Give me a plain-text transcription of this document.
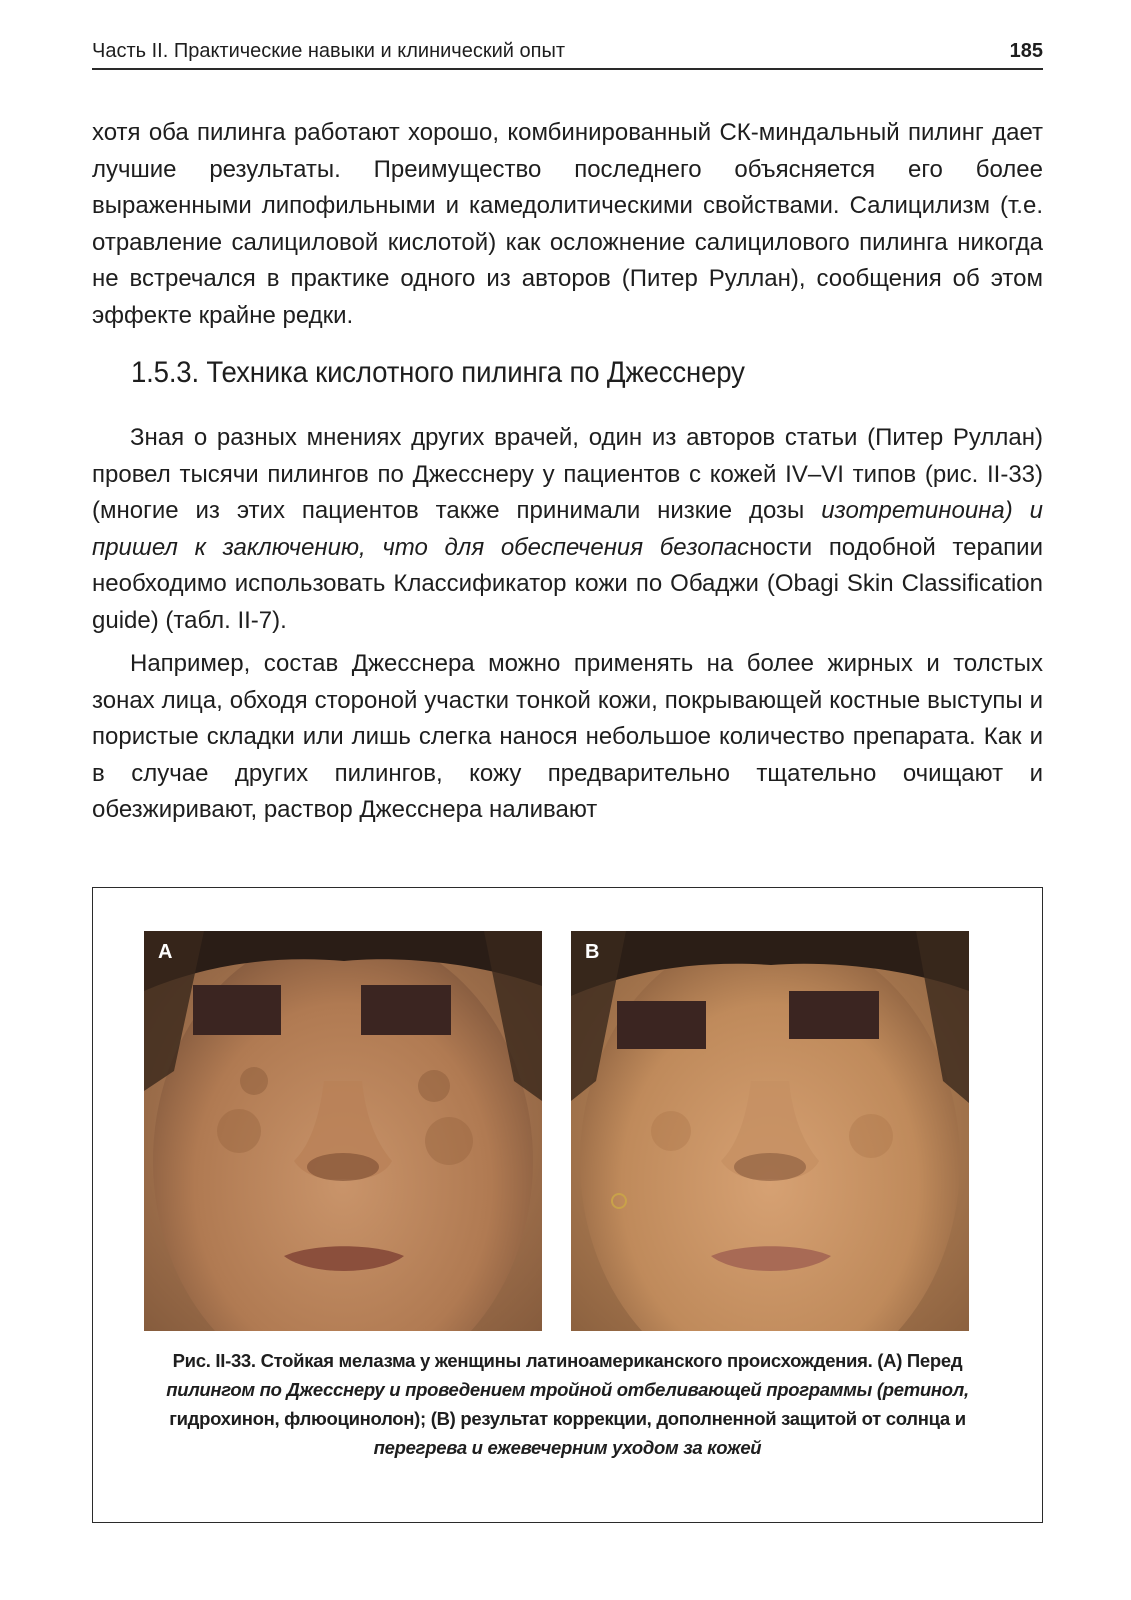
Часть II. Практические навыки и клинический опыт	185

хотя оба пилинга работают хорошо, комбинированный СК-миндальный пилинг дает лучшие результаты. Преимущество последнего объясняется его более выраженными липофильными и камедолитическими свойствами. Салицилизм (т.е. отравление салициловой кислотой) как осложнение салицилового пилинга никогда не встречался в практике одного из авторов (Питер Руллан), сообщения об этом эффекте крайне редки.

1.5.3. Техника кислотного пилинга по Джесснеру

Зная о разных мнениях других врачей, один из авторов статьи (Питер Руллан) провел тысячи пилингов по Джесснеру у пациентов с кожей IV–VI типов (рис. II-33) (многие из этих пациентов также принимали низкие дозы изотретиноина) и пришел к заключению, что для обеспечения безопасности подобной терапии необходимо использовать Классификатор кожи по Обаджи (Obagi Skin Classification guide) (табл. II-7).

Например, состав Джесснера можно применять на более жирных и толстых зонах лица, обходя стороной участки тонкой кожи, покрывающей костные выступы и пористые складки или лишь слегка нанося небольшое количество препарата. Как и в случае других пилингов, кожу предварительно тщательно очищают и обезжиривают, раствор Джесснера наливают

A	B

Рис. II-33. Стойкая мелазма у женщины латиноамериканского происхождения. (А) Перед
пилингом по Джесснеру и проведением тройной отбеливающей программы (ретинол,
гидрохинон, флюоцинолон); (В) результат коррекции, дополненной защитой от солнца и
перегрева и ежевечерним уходом за кожей
